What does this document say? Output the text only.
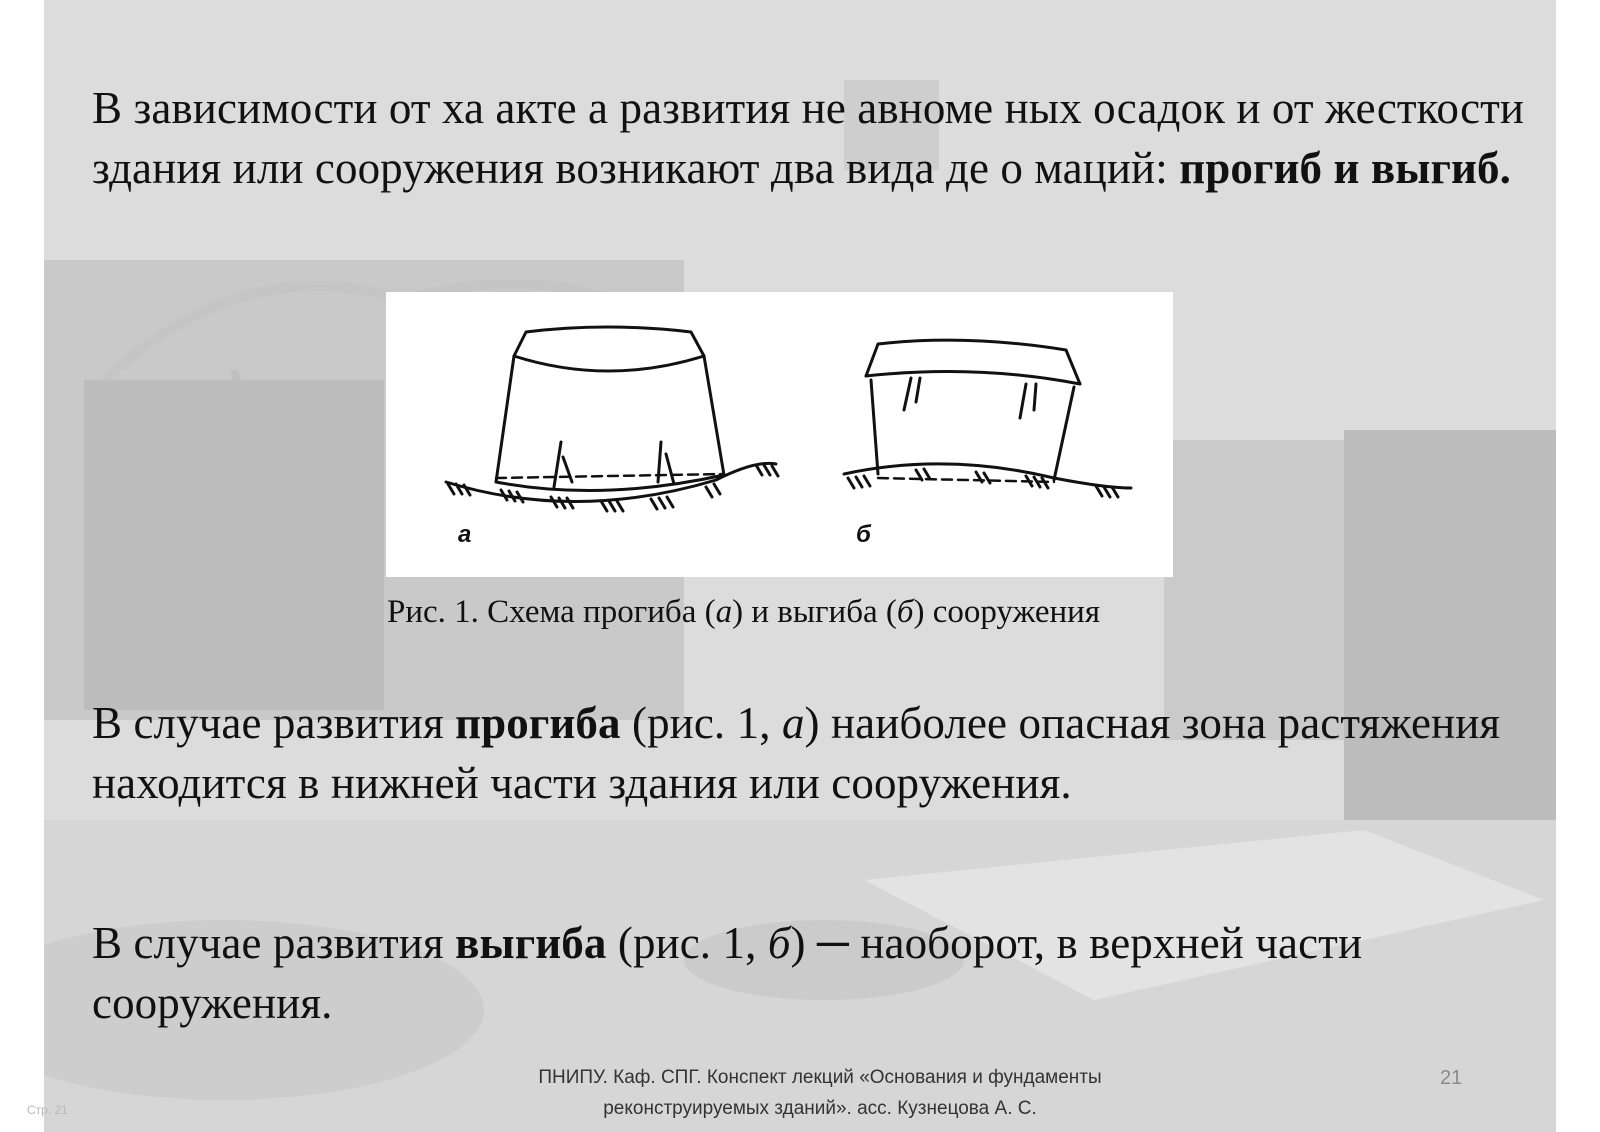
В зависимости от ха акте а развития не авноме ных осадок и от жесткости здания или сооружения возникают два вида де о маций: прогиб и выгиб.
а	б
Рис. 1. Схема прогиба (а) и выгиба (б) сооружения
В случае развития прогиба (рис. 1, а) наиболее опасная зона растяжения находится в нижней части здания или сооружения.
В случае развития выгиба (рис. 1, б) ─ наоборот, в верхней части сооружения.
ПНИПУ. Каф. СПГ. Конспект лекций «Основания и фундаменты
реконструируемых зданий». асс. Кузнецова А. С.
21
Стр. 21
